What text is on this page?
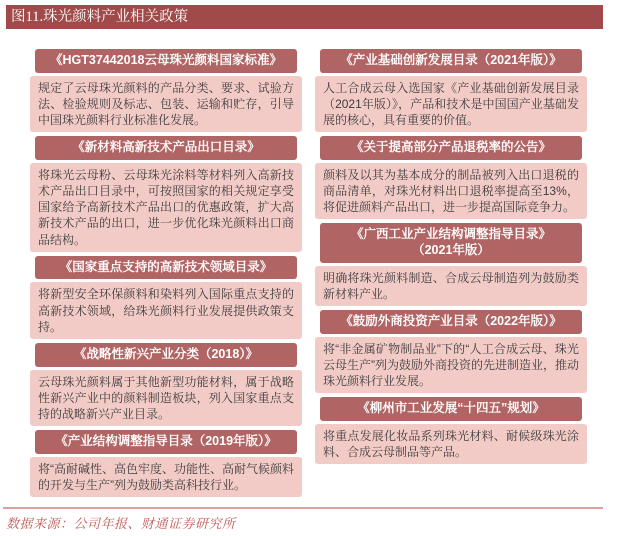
图11.珠光颜料产业相关政策
《HGT37442018云母珠光颜料国家标准》
规定了云母珠光颜料的产品分类、要求、试验方法、检验规则及标志、包装、运输和贮存，引导中国珠光颜料行业标准化发展。
《新材料高新技术产品出口目录》
将珠光云母粉、云母珠光涂料等材料列入高新技术产品出口目录中，可按照国家的相关规定享受国家给予高新技术产品出口的优惠政策，扩大高新技术产品的出口，进一步优化珠光颜料出口商品结构。
《国家重点支持的高新技术领域目录》
将新型安全环保颜料和染料列入国际重点支持的高新技术领域，给珠光颜料行业发展提供政策支持。
《战略性新兴产业分类（2018）》
云母珠光颜料属于其他新型功能材料，属于战略性新兴产业中的颜料制造板块，列入国家重点支持的战略新兴产业目录。
《产业结构调整指导目录（2019年版）》
将“高耐碱性、高色牢度、功能性、高耐气候颜料的开发与生产”列为鼓励类高科技行业。
《产业基础创新发展目录（2021年版）》
人工合成云母入选国家《产业基础创新发展目录（2021年版）》，产品和技术是中国国产业基础发展的核心，具有重要的价值。
《关于提高部分产品退税率的公告》
颜料及以其为基本成分的制品被列入出口退税的商品清单，对珠光材料出口退税率提高至13%，将促进颜料产品出口，进一步提高国际竞争力。
《广西工业产业结构调整指导目录》
（2021年版）
明确将珠光颜料制造、合成云母制造列为鼓励类新材料产业。
《鼓励外商投资产业目录（2022年版）》
将“非金属矿物制品业”下的“人工合成云母、珠光云母生产”列为鼓励外商投资的先进制造业，推动珠光颜料行业发展。
《柳州市工业发展“十四五”规划》
将重点发展化妆品系列珠光材料、耐候级珠光涂料、合成云母制品等产品。
数据来源：公司年报、财通证券研究所
